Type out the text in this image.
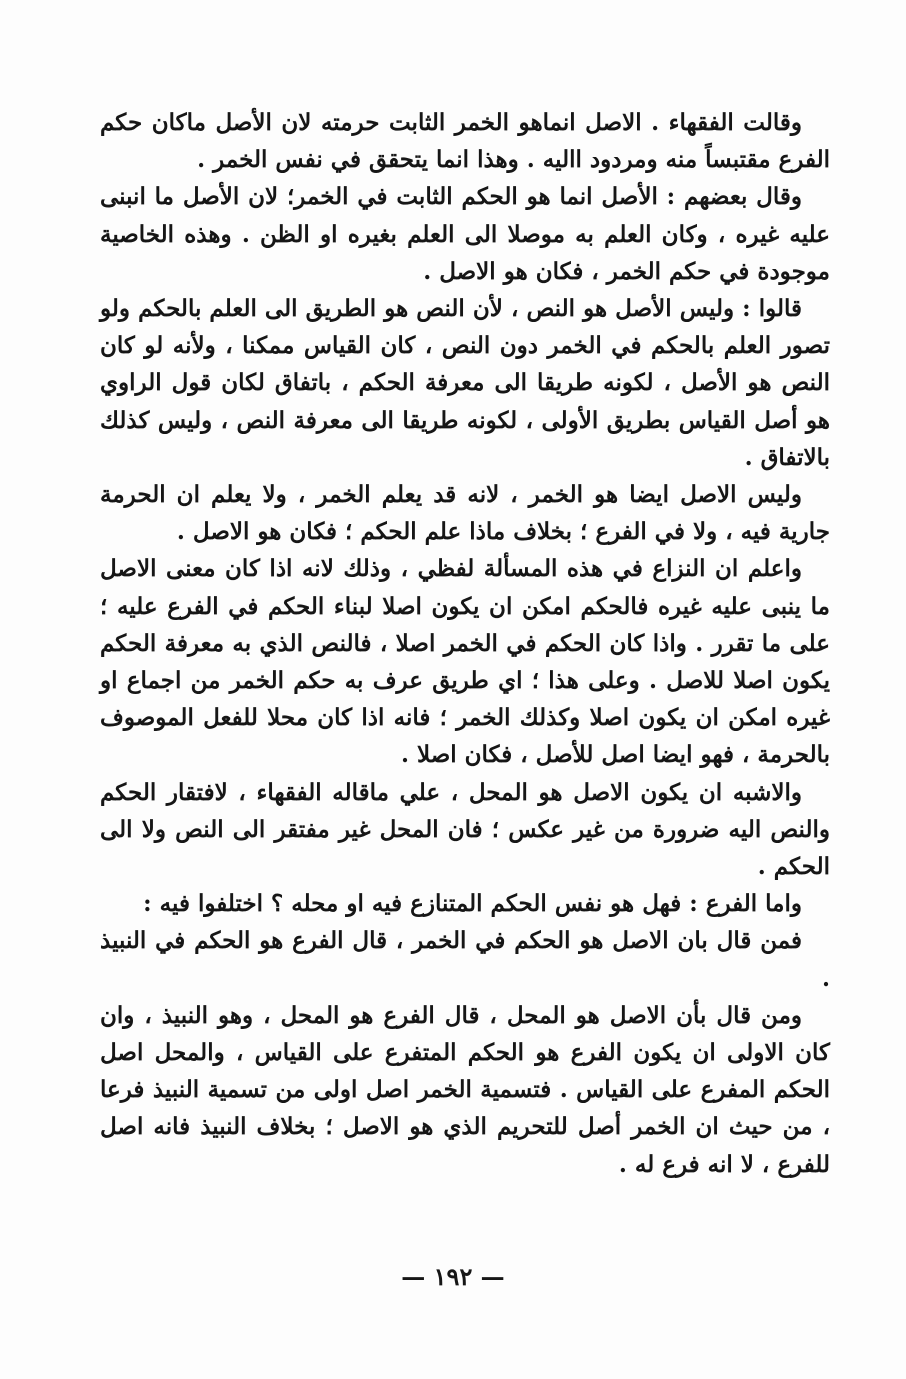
وقالت الفقهاء . الاصل انماهو الخمر الثابت حرمته لان الأصل ماكان حكم الفرع مقتبساً منه ومردود االيه . وهذا انما يتحقق في نفس الخمر .

وقال بعضهم : الأصل انما هو الحكم الثابت في الخمر؛ لان الأصل ما انبنى عليه غيره ، وكان العلم به موصلا الى العلم بغيره او الظن . وهذه الخاصية موجودة في حكم الخمر ، فكان هو الاصل .

قالوا : وليس الأصل هو النص ، لأن النص هو الطريق الى العلم بالحكم ولو تصور العلم بالحكم في الخمر دون النص ، كان القياس ممكنا ، ولأنه لو كان النص هو الأصل ، لكونه طريقا الى معرفة الحكم ، باتفاق لكان قول الراوي هو أصل القياس بطريق الأولى ، لكونه طريقا الى معرفة النص ، وليس كذلك بالاتفاق .

وليس الاصل ايضا هو الخمر ، لانه قد يعلم الخمر ، ولا يعلم ان الحرمة جارية فيه ، ولا في الفرع ؛ بخلاف ماذا علم الحكم ؛ فكان هو الاصل .

واعلم ان النزاع في هذه المسألة لفظي ، وذلك لانه اذا كان معنى الاصل ما ينبى عليه غيره فالحكم امكن ان يكون اصلا لبناء الحكم في الفرع عليه ؛ على ما تقرر . واذا كان الحكم في الخمر اصلا ، فالنص الذي به معرفة الحكم يكون اصلا للاصل . وعلى هذا ؛ اي طريق عرف به حكم الخمر من اجماع او غيره امكن ان يكون اصلا وكذلك الخمر ؛ فانه اذا كان محلا للفعل الموصوف بالحرمة ، فهو ايضا اصل للأصل ، فكان اصلا .

والاشبه ان يكون الاصل هو المحل ، علي ماقاله الفقهاء ، لافتقار الحكم والنص اليه ضرورة من غير عكس ؛ فان المحل غير مفتقر الى النص ولا الى الحكم .

واما الفرع : فهل هو نفس الحكم المتنازع فيه او محله ؟ اختلفوا فيه :

فمن قال بان الاصل هو الحكم في الخمر ، قال الفرع هو الحكم في النبيذ .

ومن قال بأن الاصل هو المحل ، قال الفرع هو المحل ، وهو النبيذ ، وان كان الاولى ان يكون الفرع هو الحكم المتفرع على القياس ، والمحل اصل الحكم المفرع على القياس . فتسمية الخمر اصل اولى من تسمية النبيذ فرعا ، من حيث ان الخمر أصل للتحريم الذي هو الاصل ؛ بخلاف النبيذ فانه اصل للفرع ، لا انه فرع له .

— ١٩٢ —
